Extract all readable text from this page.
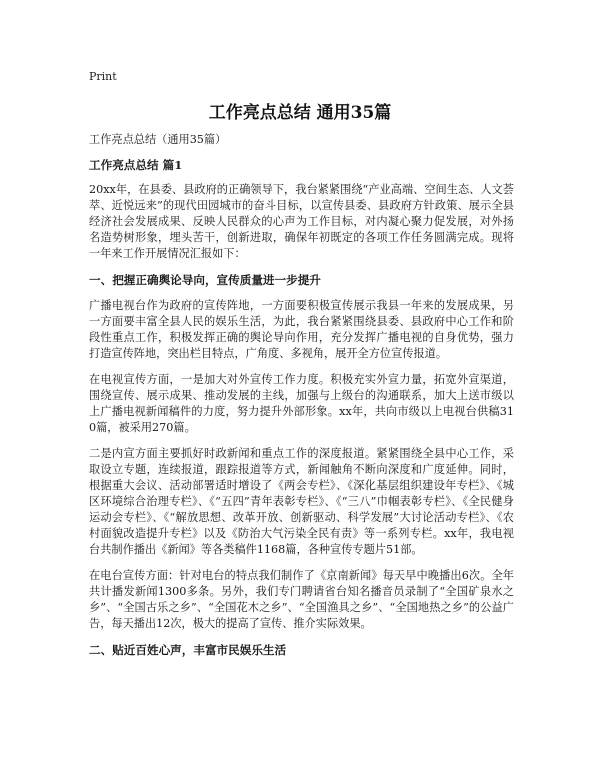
Print
工作亮点总结 通用35篇

工作亮点总结（通用35篇）

工作亮点总结 篇1

20xx年，在县委、县政府的正确领导下，我台紧紧围绕“产业高端、空间生态、人文荟萃、近悦远来”的现代田园城市的奋斗目标，以宣传县委、县政府方针政策、展示全县经济社会发展成果、反映人民群众的心声为工作目标，对内凝心聚力促发展，对外扬名造势树形象，埋头苦干，创新进取，确保年初既定的各项工作任务圆满完成。现将一年来工作开展情况汇报如下：

一、把握正确舆论导向，宣传质量进一步提升

广播电视台作为政府的宣传阵地，一方面要积极宣传展示我县一年来的发展成果，另一方面要丰富全县人民的娱乐生活，为此，我台紧紧围绕县委、县政府中心工作和阶段性重点工作，积极发挥正确的舆论导向作用，充分发挥广播电视的自身优势，强力打造宣传阵地，突出栏目特点，广角度、多视角，展开全方位宣传报道。

在电视宣传方面，一是加大对外宣传工作力度。积极充实外宣力量，拓宽外宣渠道，围绕宣传、展示成果、推动发展的主线，加强与上级台的沟通联系，加大上送市级以上广播电视新闻稿件的力度，努力提升外部形象。xx年，共向市级以上电视台供稿310篇，被采用270篇。

二是内宣方面主要抓好时政新闻和重点工作的深度报道。紧紧围绕全县中心工作，采取设立专题，连续报道，跟踪报道等方式，新闻触角不断向深度和广度延伸。同时，根据重大会议、活动部署适时增设了《两会专栏》、《深化基层组织建设年专栏》、《城区环境综合治理专栏》、《“五四”青年表彰专栏》、《“三八”巾帼表彰专栏》、《全民健身运动会专栏》、《“解放思想、改革开放、创新驱动、科学发展”大讨论活动专栏》、《农村面貌改造提升专栏》以及《防治大气污染全民有责》等一系列专栏。xx年，我电视台共制作播出《新闻》等各类稿件1168篇，各种宣传专题片51部。

在电台宣传方面：针对电台的特点我们制作了《京南新闻》每天早中晚播出6次。全年共计播发新闻1300多条。另外，我们专门聘请省台知名播音员录制了“全国矿泉水之乡”、“全国古乐之乡”、“全国花木之乡”、“全国渔具之乡”、“全国地热之乡”的公益广告，每天播出12次，极大的提高了宣传、推介实际效果。

二、贴近百姓心声，丰富市民娱乐生活
